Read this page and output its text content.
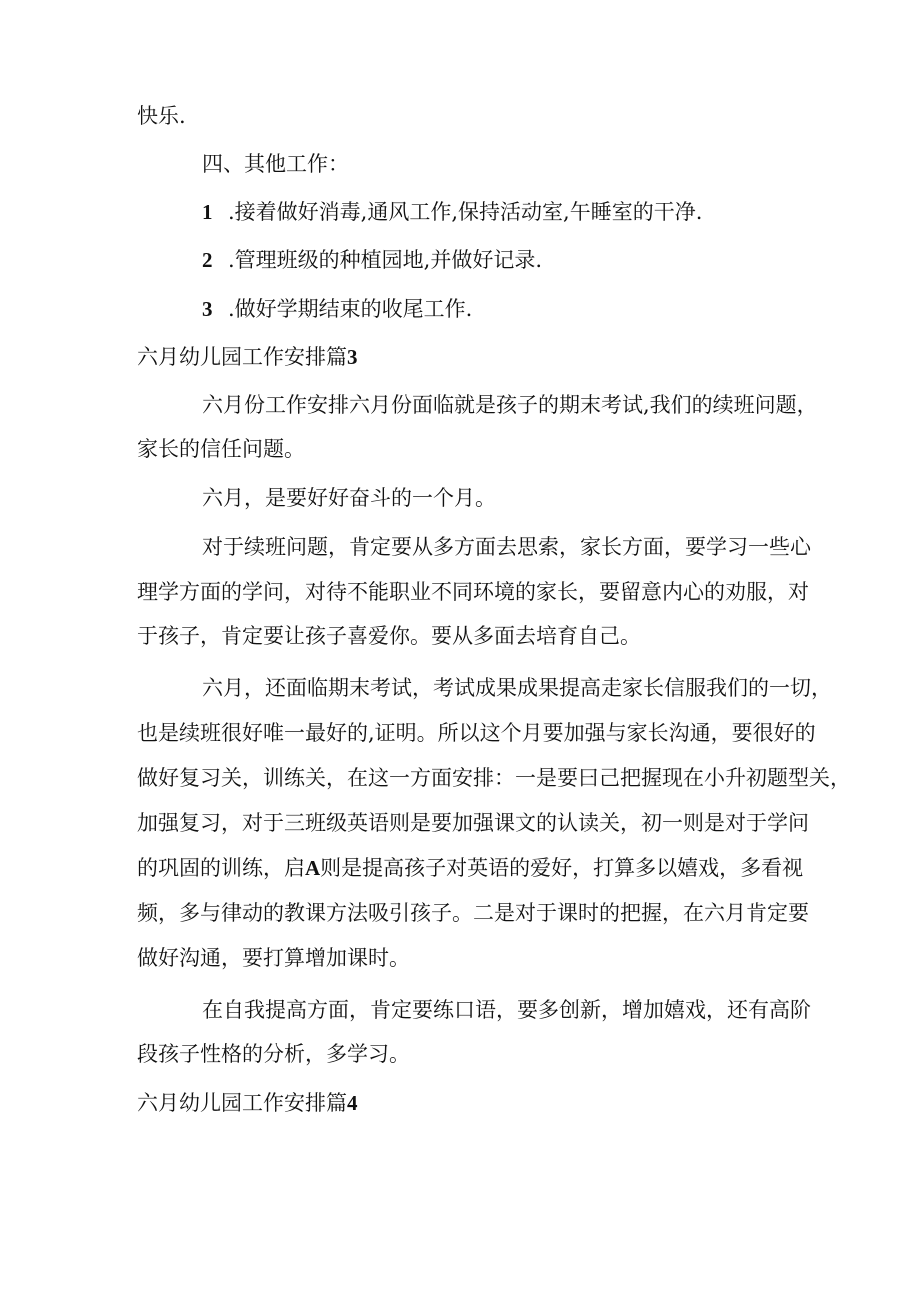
快乐.
四、其他工作：
1 .接着做好消毒,通风工作,保持活动室,午睡室的干净.
2 .管理班级的种植园地,并做好记录.
3 .做好学期结束的收尾工作.
六月幼儿园工作安排篇3
六月份工作安排六月份面临就是孩子的期末考试,我们的续班问题，
家长的信任问题。
六月，是要好好奋斗的一个月。
对于续班问题，肯定要从多方面去思索，家长方面，要学习一些心
理学方面的学问，对待不能职业不同环境的家长，要留意内心的劝服，对
于孩子，肯定要让孩子喜爱你。要从多面去培育自己。
六月，还面临期末考试，考试成果成果提高走家长信服我们的一切，
也是续班很好唯一最好的,证明。所以这个月要加强与家长沟通，要很好的
做好复习关，训练关，在这一方面安排：一是要曰己把握现在小升初题型关，
加强复习，对于三班级英语则是要加强课文的认读关，初一则是对于学问
的巩固的训练，启A则是提高孩子对英语的爱好，打算多以嬉戏，多看视
频，多与律动的教课方法吸引孩子。二是对于课时的把握，在六月肯定要
做好沟通，要打算增加课时。
在自我提高方面，肯定要练口语，要多创新，增加嬉戏，还有高阶
段孩子性格的分析，多学习。
六月幼儿园工作安排篇4
